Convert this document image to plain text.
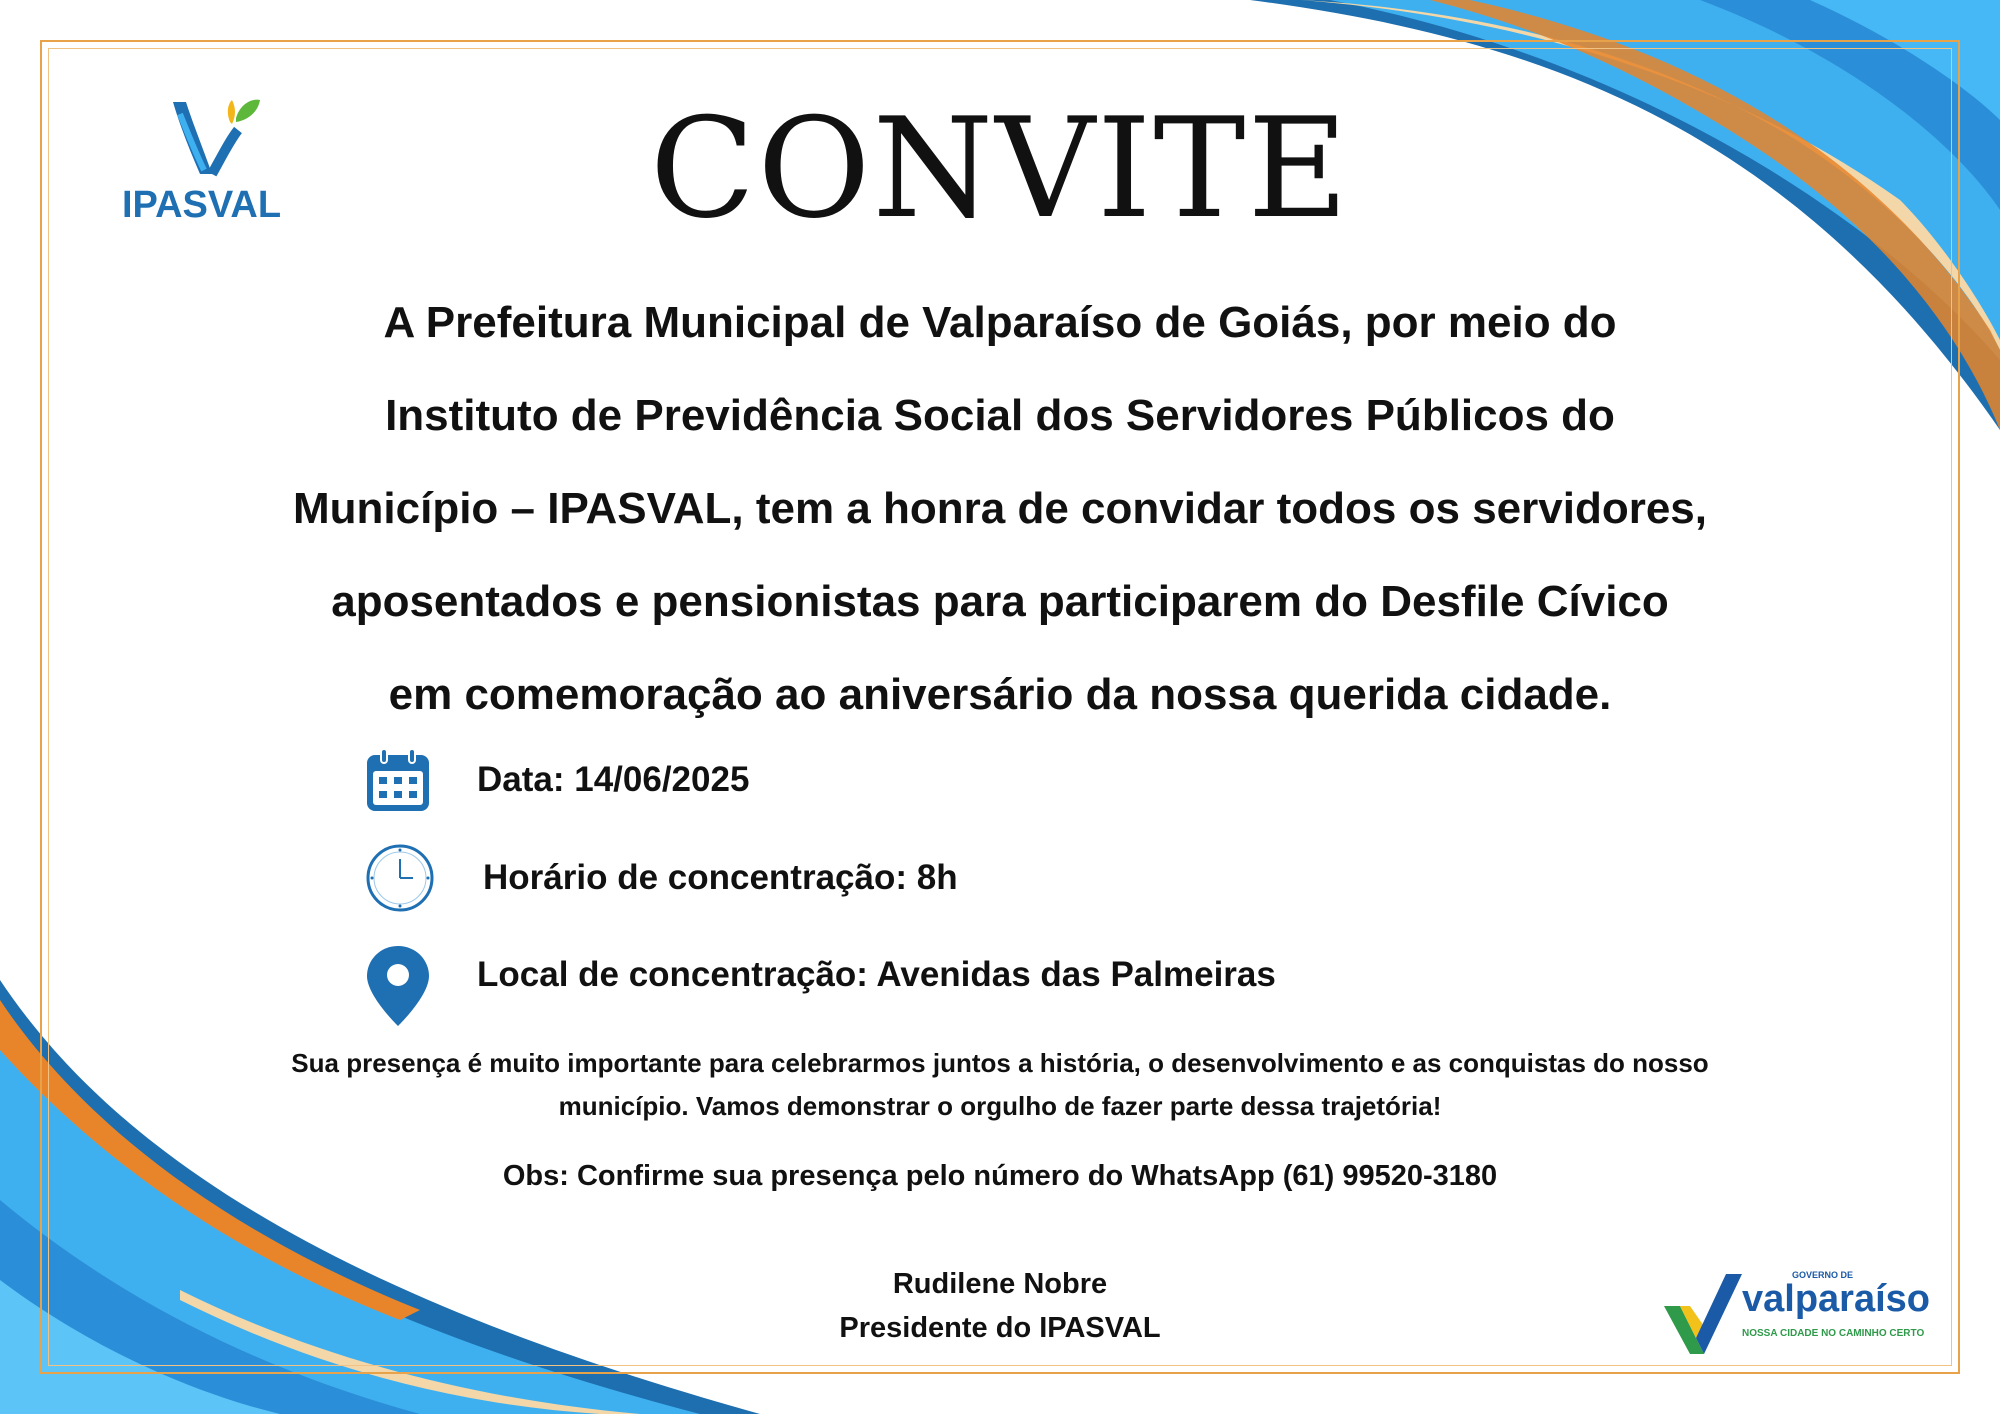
IPASVAL	CONVITE
A Prefeitura Municipal de Valparaíso de Goiás, por meio do
Instituto de Previdência Social dos Servidores Públicos do
Município – IPASVAL, tem a honra de convidar todos os servidores,
aposentados e pensionistas para participarem do Desfile Cívico
em comemoração ao aniversário da nossa querida cidade.
Data: 14/06/2025
Horário de concentração: 8h
Local de concentração: Avenidas das Palmeiras
Sua presença é muito importante para celebrarmos juntos a história, o desenvolvimento e as conquistas do nosso
município. Vamos demonstrar o orgulho de fazer parte dessa trajetória!
Obs: Confirme sua presença pelo número do WhatsApp (61) 99520-3180
Rudilene Nobre
Presidente do IPASVAL
GOVERNO DE
valparaíso
NOSSA CIDADE NO CAMINHO CERTO
